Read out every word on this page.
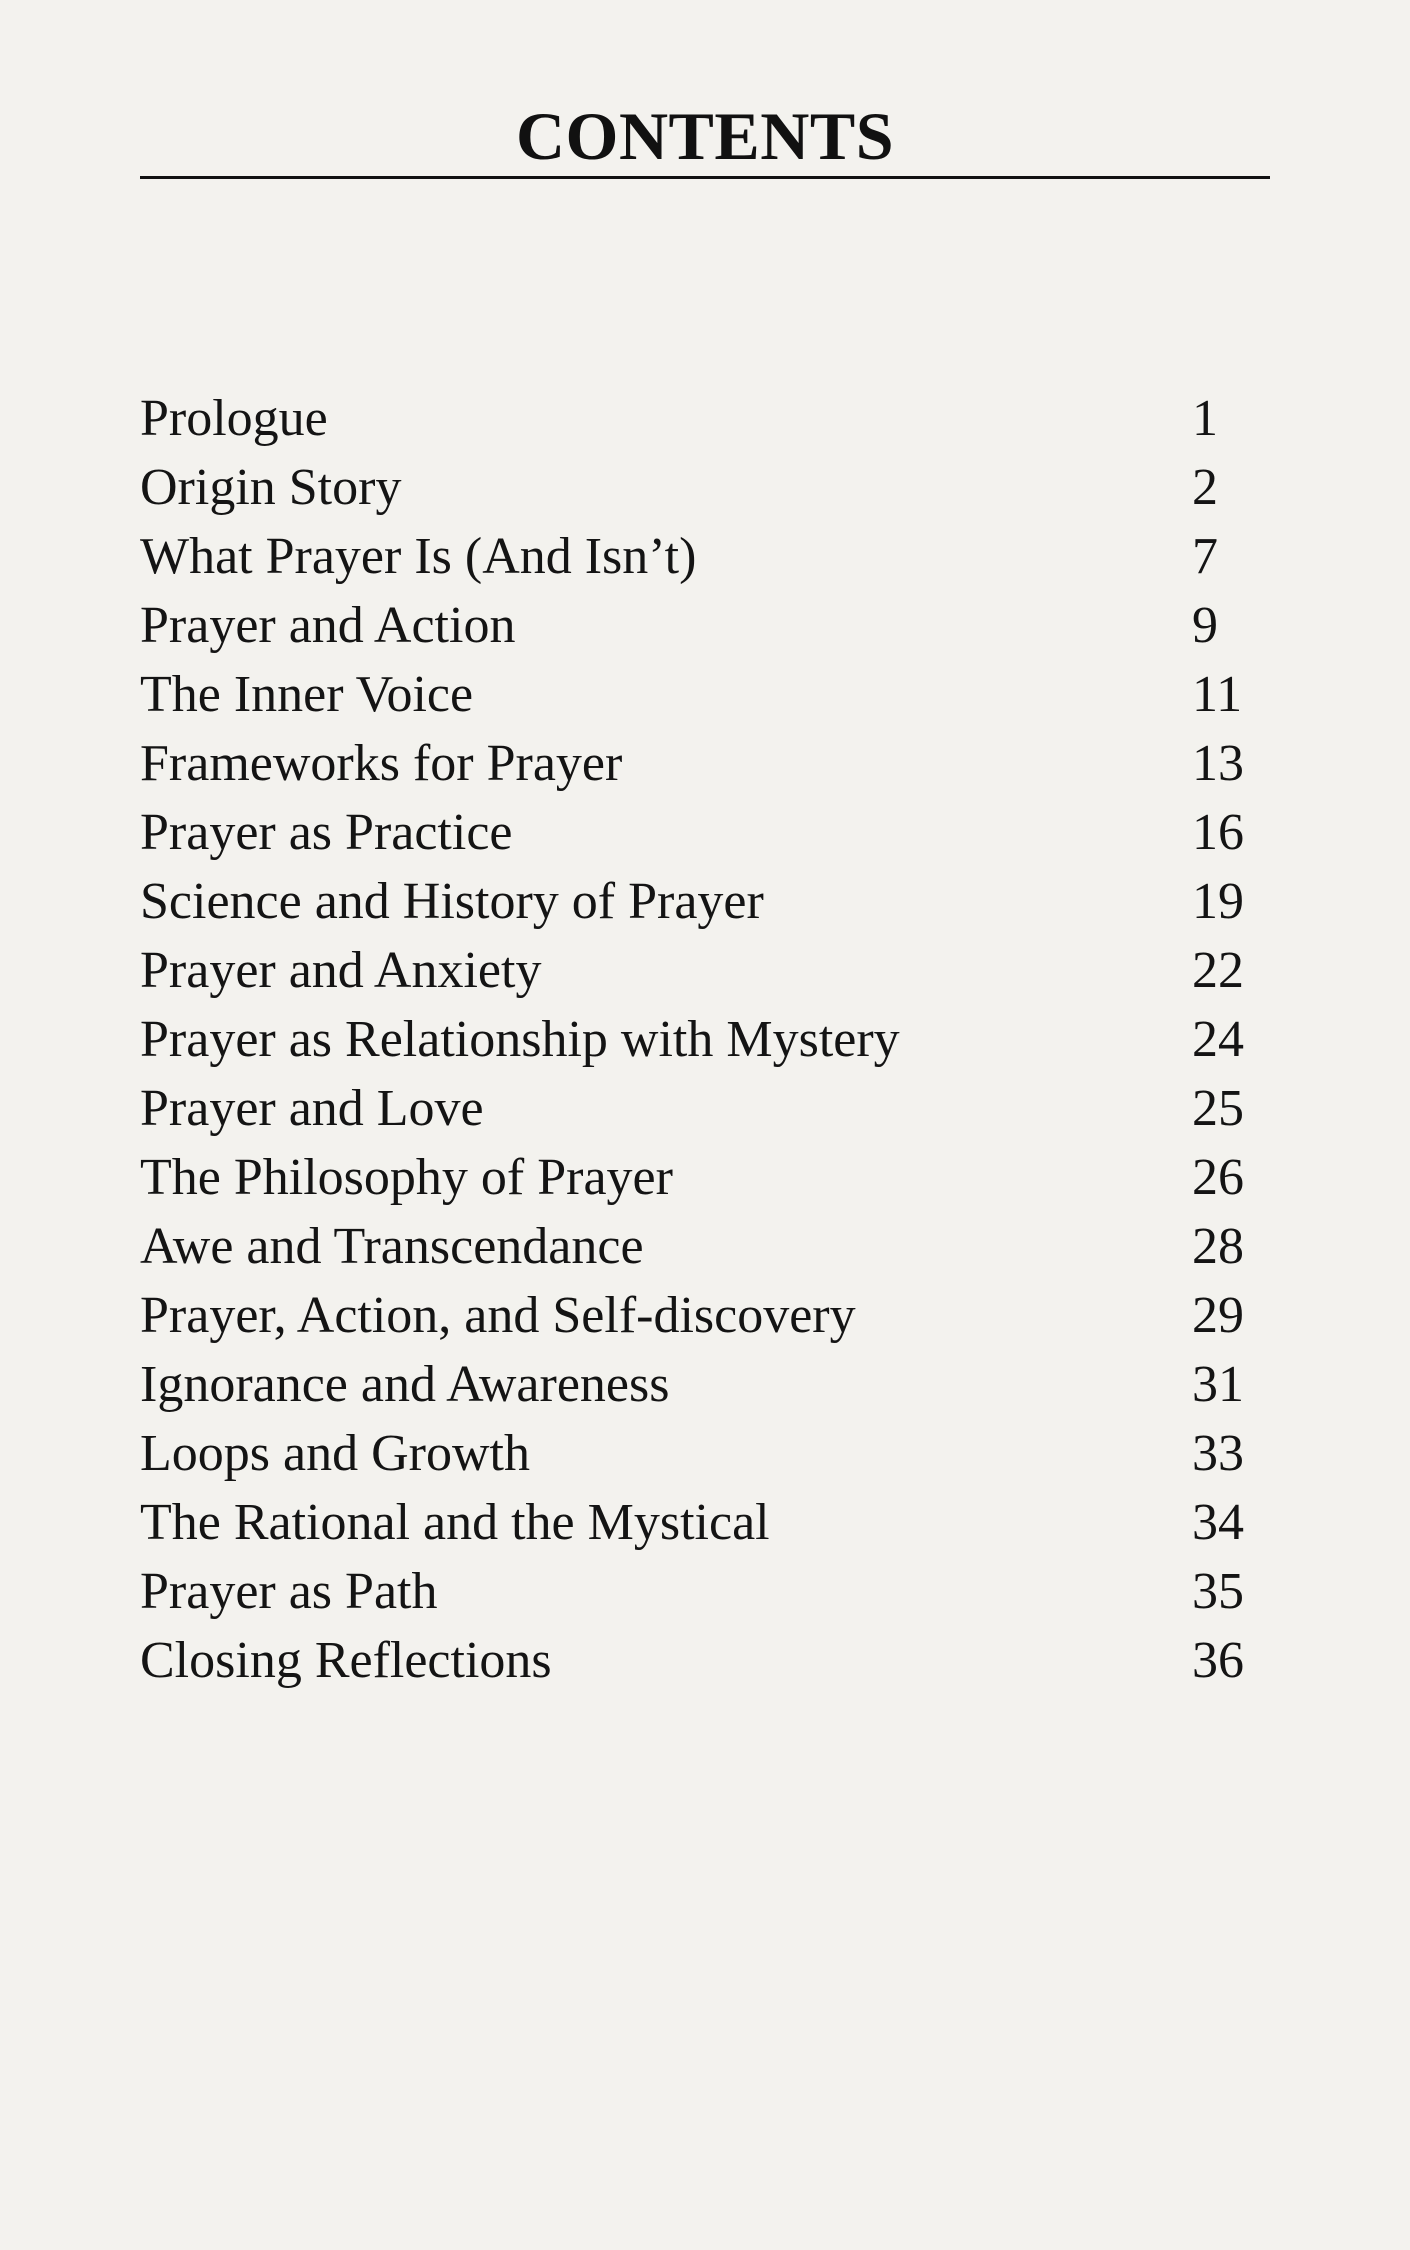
CONTENTS
Prologue	1
Origin Story	2
What Prayer Is (And Isn’t)	7
Prayer and Action	9
The Inner Voice	11
Frameworks for Prayer	13
Prayer as Practice	16
Science and History of Prayer	19
Prayer and Anxiety	22
Prayer as Relationship with Mystery	24
Prayer and Love	25
The Philosophy of Prayer	26
Awe and Transcendance	28
Prayer, Action, and Self-discovery	29
Ignorance and Awareness	31
Loops and Growth	33
The Rational and the Mystical	34
Prayer as Path	35
Closing Reflections	36
